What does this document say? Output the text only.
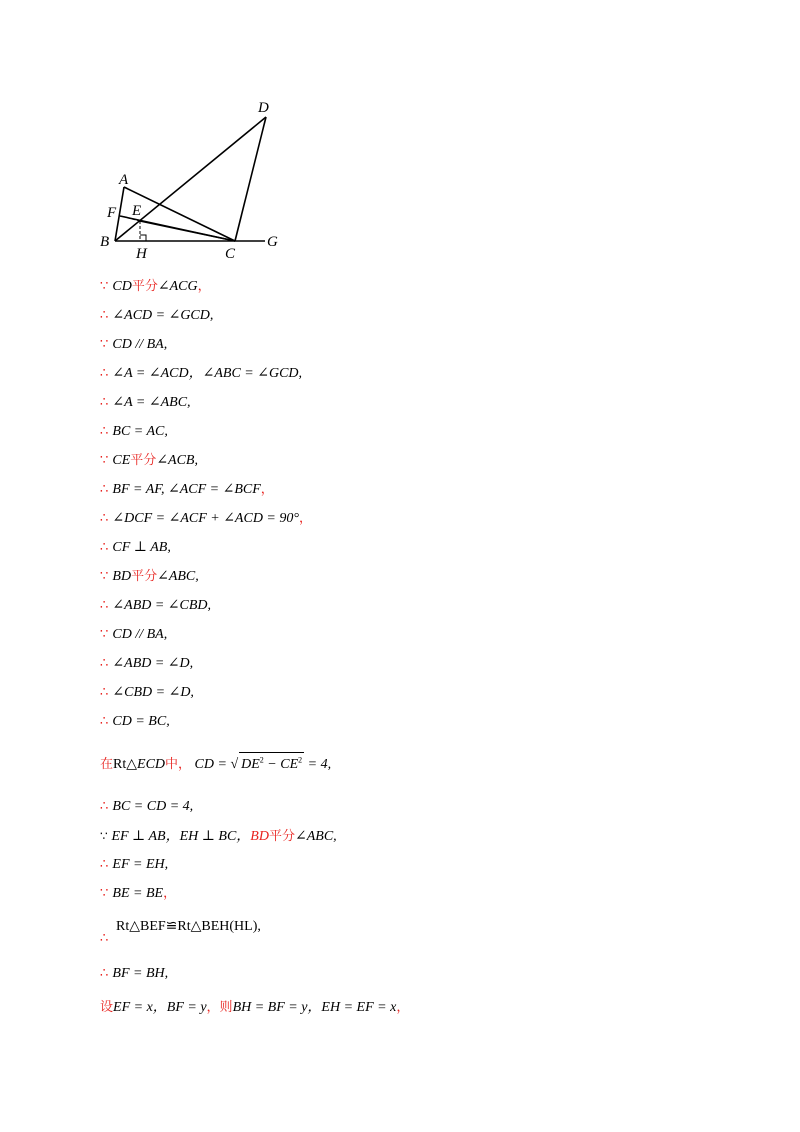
D
A
F E
B
H	C
G
∵ CD平分∠ACG，
∴ ∠ACD = ∠GCD,
∵ CD // BA,
∴ ∠A = ∠ACD，∠ABC = ∠GCD,
∴ ∠A = ∠ABC,
∴ BC = AC,
∵ CE平分∠ACB,
∴ BF = AF, ∠ACF = ∠BCF，
∴ ∠DCF = ∠ACF + ∠ACD = 90°，
∴ CF ⊥ AB,
∵ BD平分∠ABC,
∴ ∠ABD = ∠CBD,
∵ CD // BA,
∴ ∠ABD = ∠D,
∴ ∠CBD = ∠D,
∴ CD = BC,
在Rt△ECD中， CD = √ $DE^2 - CE^2 = 4$,
∴ BC = CD = 4,
∵ EF ⊥ AB，EH ⊥ BC，BD平分∠ABC,
∴ EF = EH,
∵ BE = BE，
Rt△BEF≌Rt△BEH(HL),
∴
∴ BF = BH,
设EF = x，BF = y，则BH = BF = y，EH = EF = x，
